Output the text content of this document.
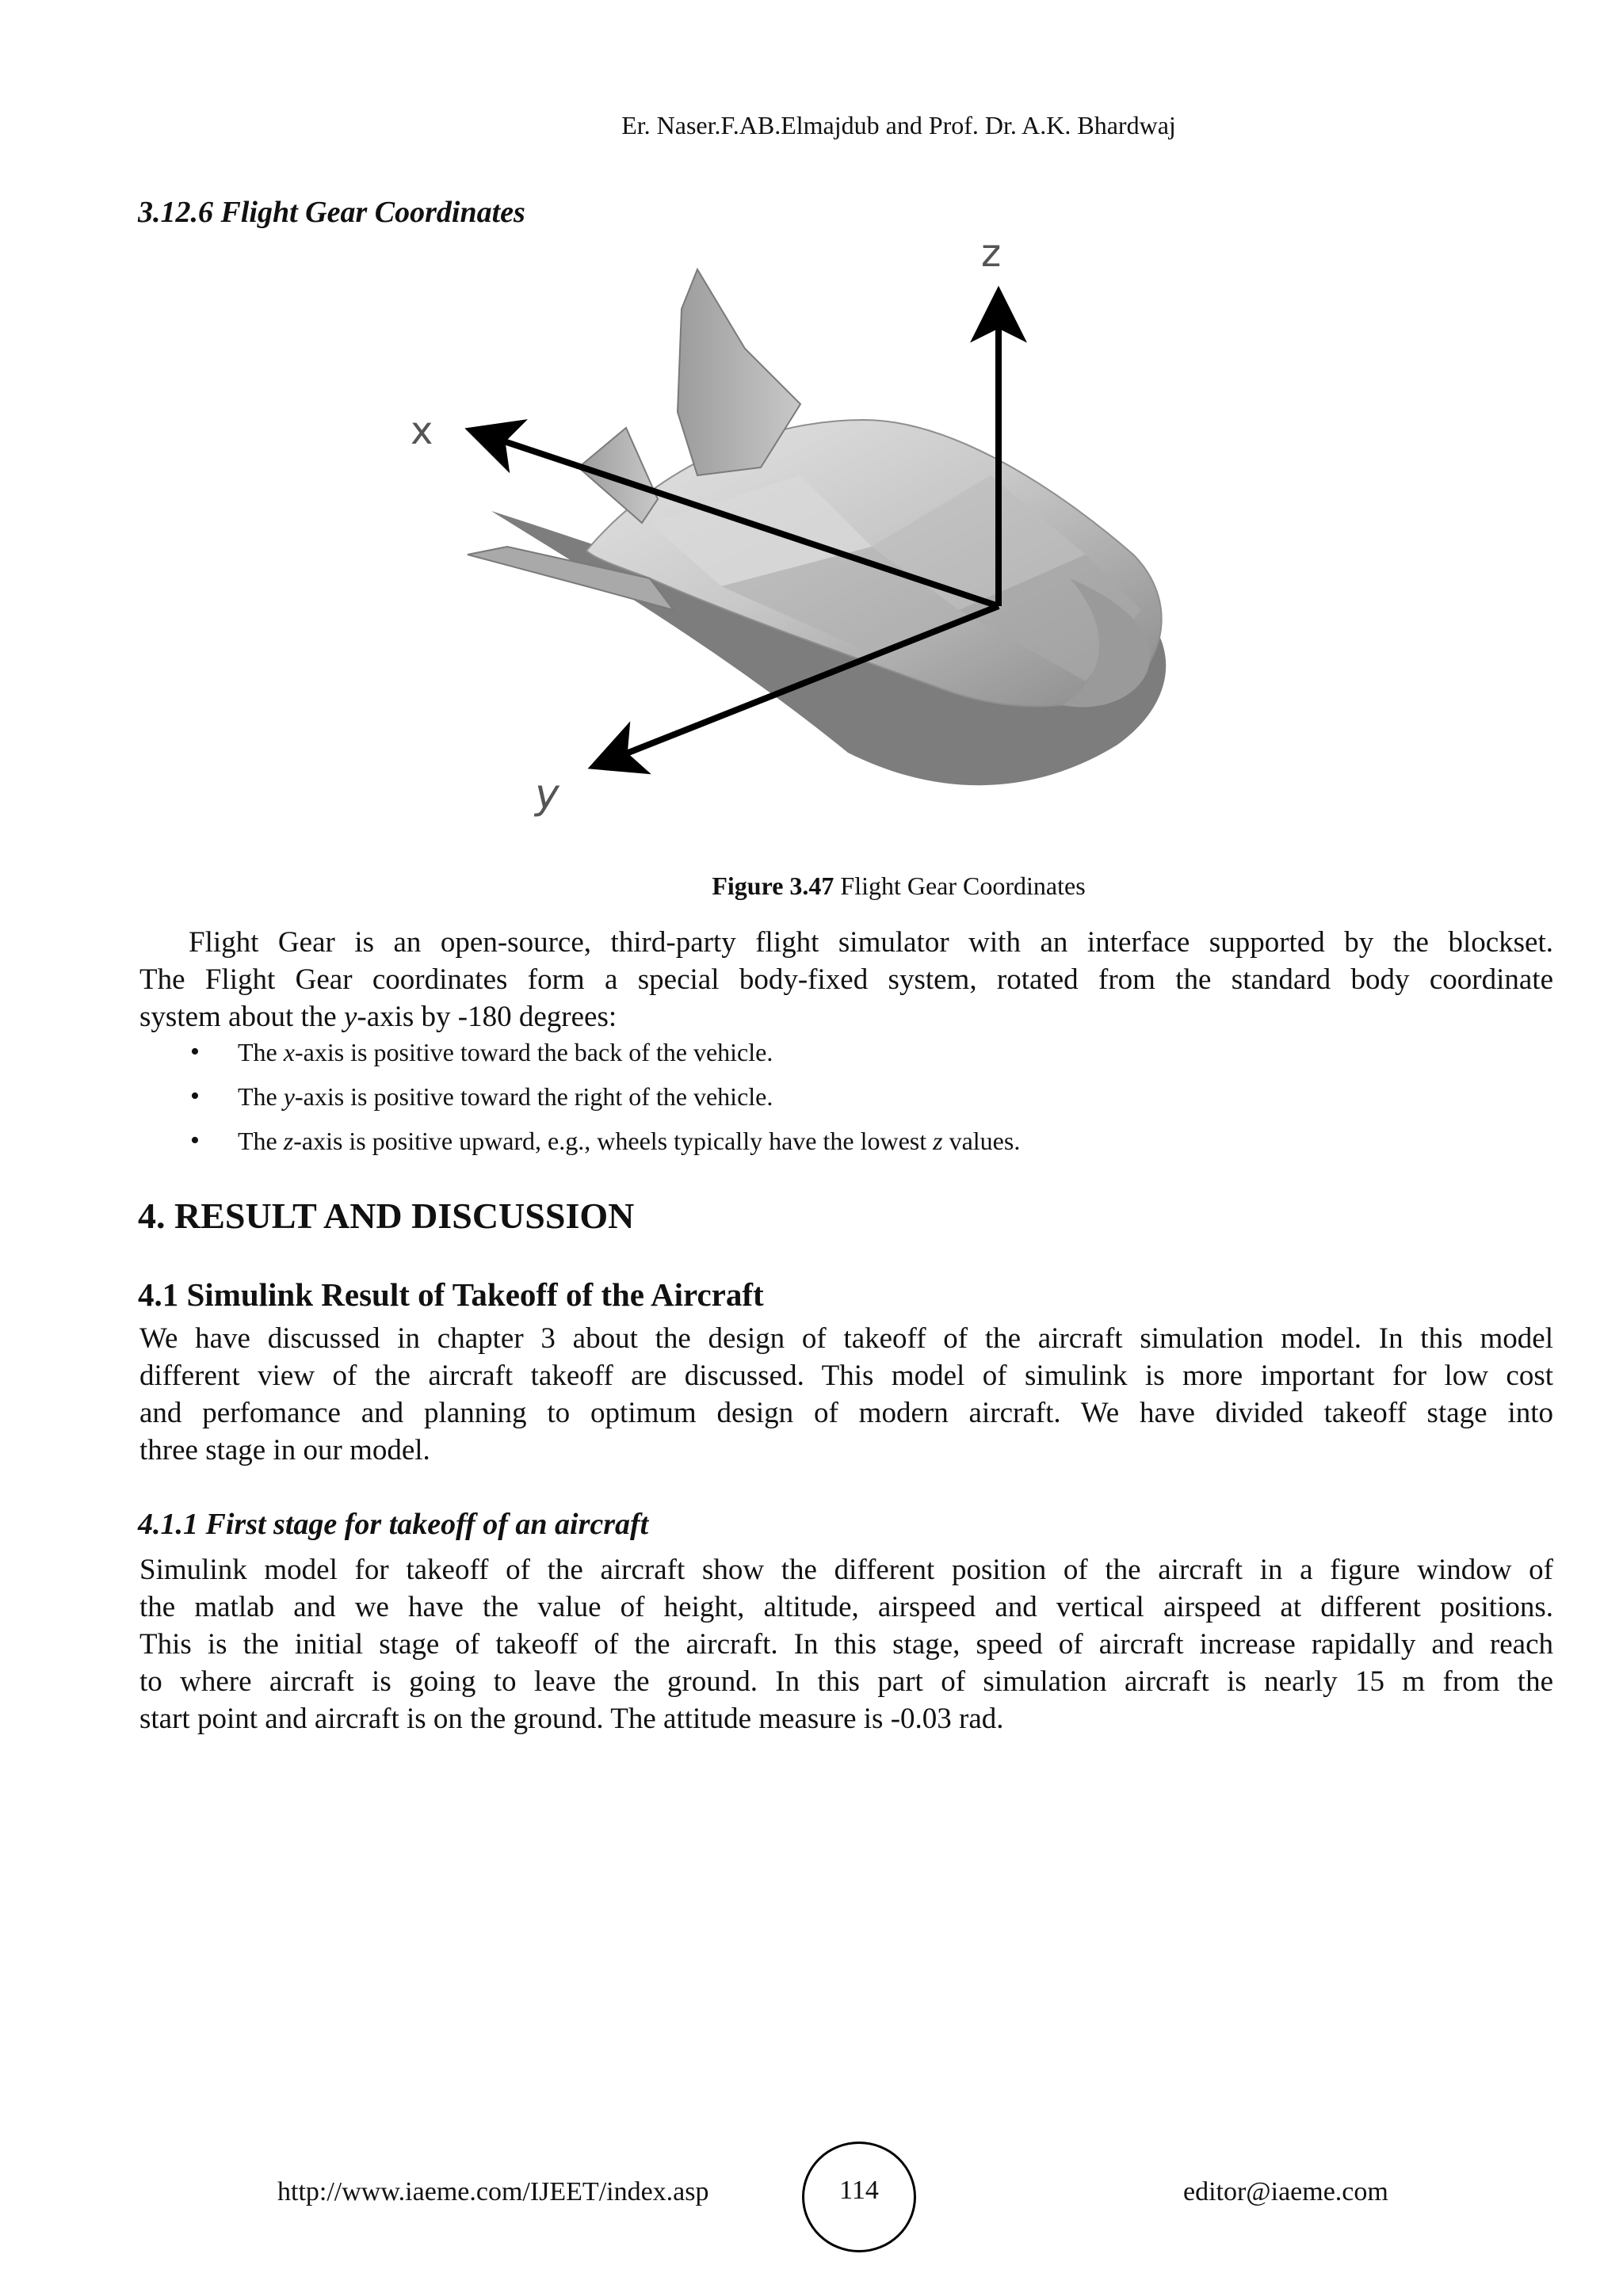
Er. Naser.F.AB.Elmajdub and Prof. Dr. A.K. Bhardwaj
3.12.6 Flight Gear Coordinates
x
y
z
Figure 3.47 Flight Gear Coordinates
Flight Gear is an open-source, third-party flight simulator with an interface supported by the blockset.
The Flight Gear coordinates form a special body-fixed system, rotated from the standard body coordinate
system about the y-axis by -180 degrees:
• The x-axis is positive toward the back of the vehicle.
• The y-axis is positive toward the right of the vehicle.
• The z-axis is positive upward, e.g., wheels typically have the lowest z values.
4. RESULT AND DISCUSSION
4.1 Simulink Result of Takeoff of the Aircraft
We have discussed in chapter 3 about the design of takeoff of the aircraft simulation model. In this model
different view of the aircraft takeoff are discussed. This model of simulink is more important for low cost
and perfomance and planning to optimum design of modern aircraft. We have divided takeoff stage into
three stage in our model.
4.1.1 First stage for takeoff of an aircraft
Simulink model for takeoff of the aircraft show the different position of the aircraft in a figure window of
the matlab and we have the value of height, altitude, airspeed and vertical airspeed at different positions.
This is the initial stage of takeoff of the aircraft. In this stage, speed of aircraft increase rapidally and reach
to where aircraft is going to leave the ground. In this part of simulation aircraft is nearly 15 m from the
start point and aircraft is on the ground. The attitude measure is -0.03 rad.
http://www.iaeme.com/IJEET/index.asp	114	editor@iaeme.com
